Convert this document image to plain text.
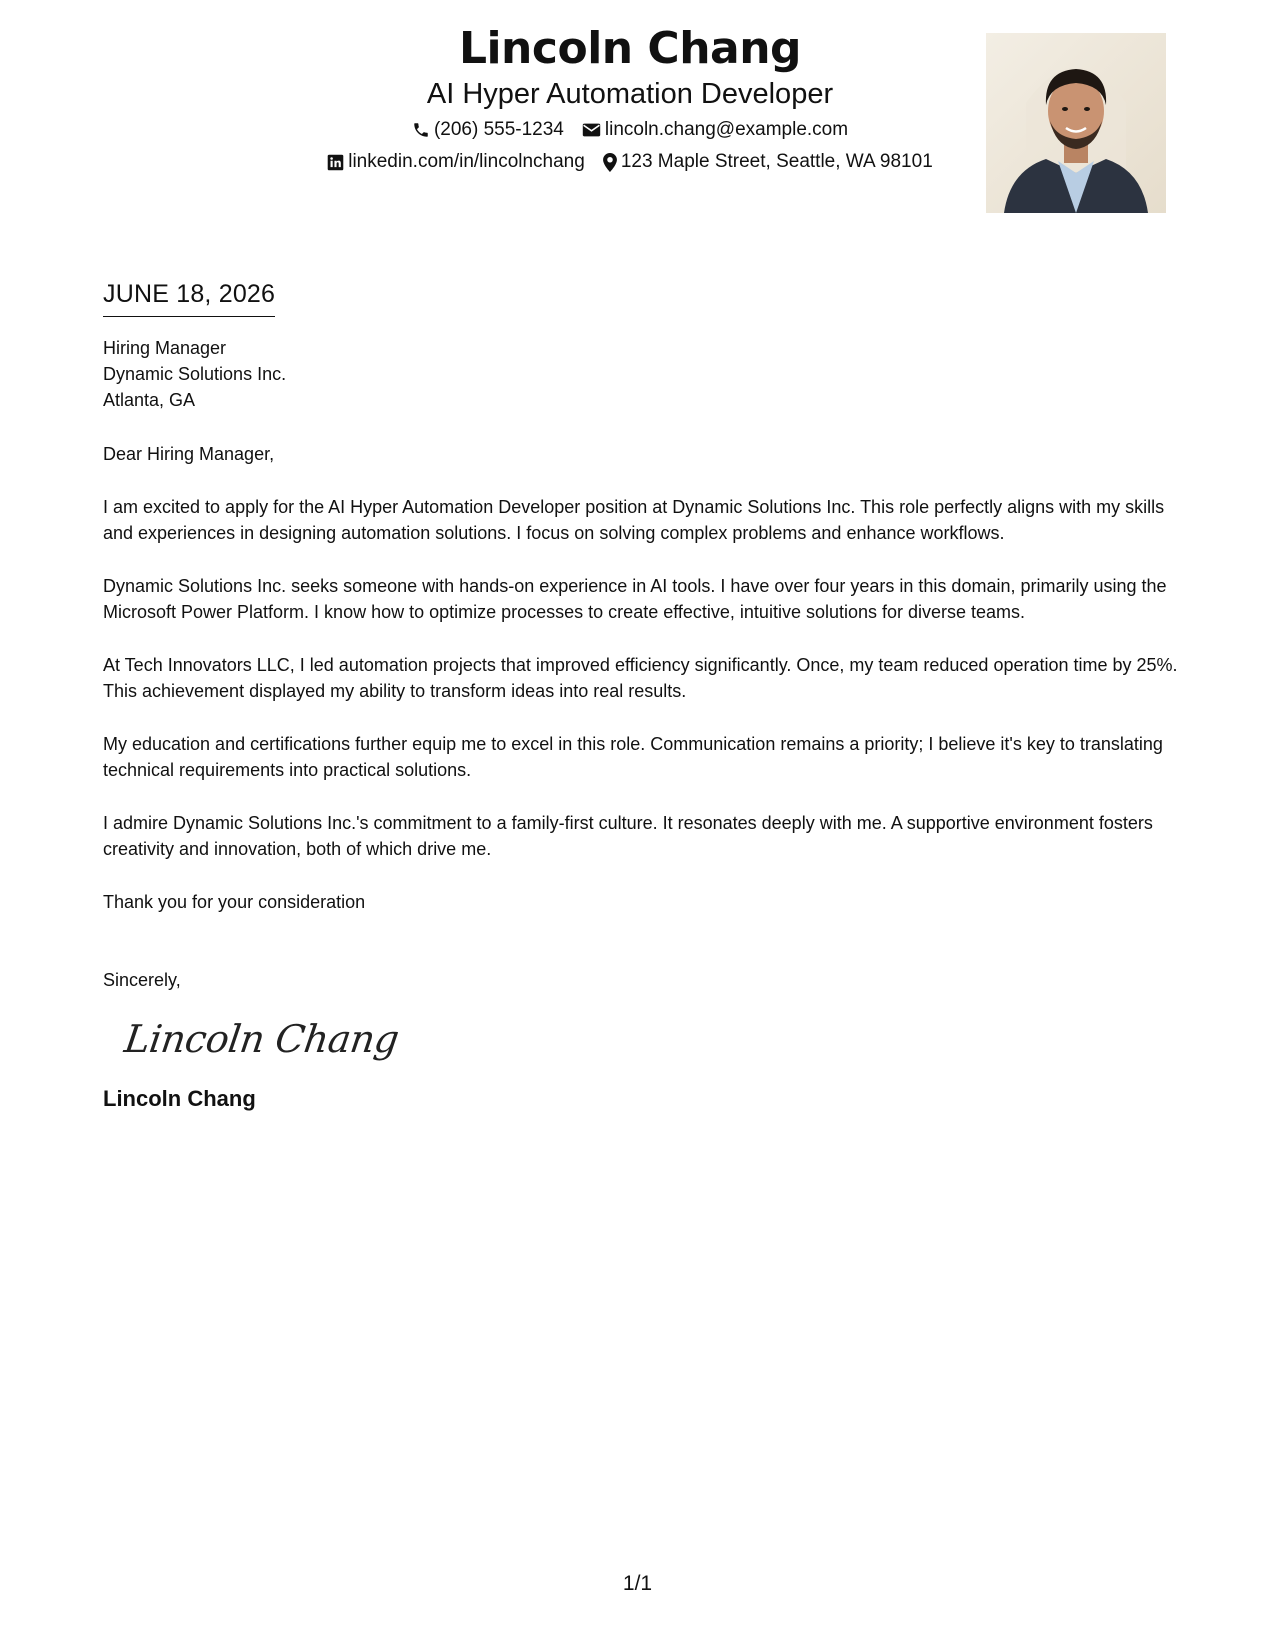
Lincoln Chang
AI Hyper Automation Developer
(206) 555-1234 lincoln.chang@example.com
linkedin.com/in/lincolnchang 123 Maple Street, Seattle, WA 98101
JUNE 18, 2026
Hiring Manager
Dynamic Solutions Inc.
Atlanta, GA

Dear Hiring Manager,

I am excited to apply for the AI Hyper Automation Developer position at Dynamic Solutions Inc. This role perfectly aligns with my skills and experiences in designing automation solutions. I focus on solving complex problems and enhance workflows.

Dynamic Solutions Inc. seeks someone with hands-on experience in AI tools. I have over four years in this domain, primarily using the Microsoft Power Platform. I know how to optimize processes to create effective, intuitive solutions for diverse teams.

At Tech Innovators LLC, I led automation projects that improved efficiency significantly. Once, my team reduced operation time by 25%. This achievement displayed my ability to transform ideas into real results.

My education and certifications further equip me to excel in this role. Communication remains a priority; I believe it's key to translating technical requirements into practical solutions.

I admire Dynamic Solutions Inc.'s commitment to a family-first culture. It resonates deeply with me. A supportive environment fosters creativity and innovation, both of which drive me.

Thank you for your consideration

Sincerely,

Lincoln Chang
Lincoln Chang
1/1
